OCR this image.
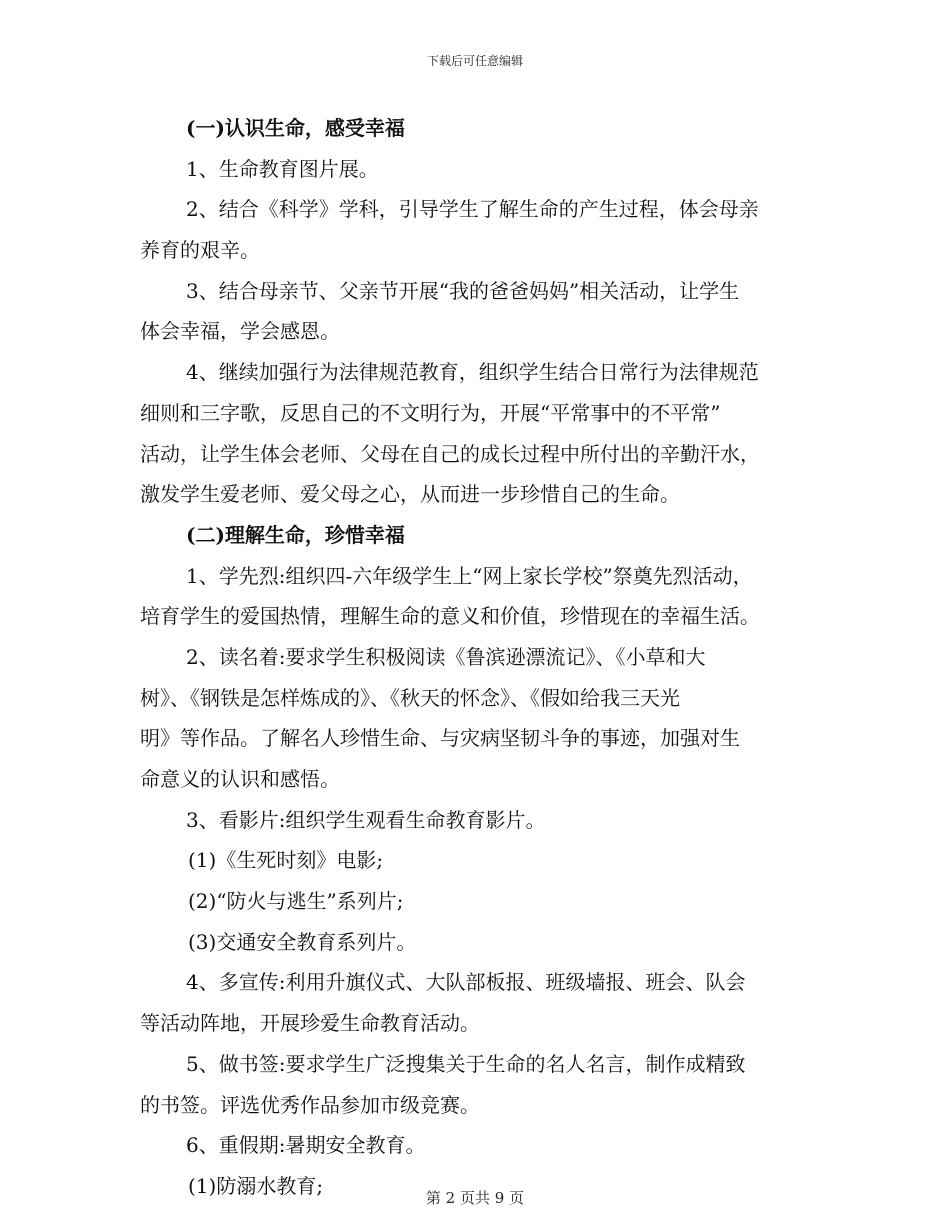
下载后可任意编辑
(一)认识生命，感受幸福
1、生命教育图片展。
2、结合《科学》学科，引导学生了解生命的产生过程，体会母亲
养育的艰辛。
3、结合母亲节、父亲节开展“我的爸爸妈妈”相关活动，让学生
体会幸福，学会感恩。
4、继续加强行为法律规范教育，组织学生结合日常行为法律规范
细则和三字歌，反思自己的不文明行为，开展“平常事中的不平常”
活动，让学生体会老师、父母在自己的成长过程中所付出的辛勤汗水，
激发学生爱老师、爱父母之心，从而进一步珍惜自己的生命。
(二)理解生命，珍惜幸福
1、学先烈:组织四-六年级学生上“网上家长学校”祭奠先烈活动，
培育学生的爱国热情，理解生命的意义和价值，珍惜现在的幸福生活。
2、读名着:要求学生积极阅读《鲁滨逊漂流记》、《小草和大
树》、《钢铁是怎样炼成的》、《秋天的怀念》、《假如给我三天光
明》等作品。了解名人珍惜生命、与灾病坚韧斗争的事迹，加强对生
命意义的认识和感悟。
3、看影片:组织学生观看生命教育影片。
(1)《生死时刻》电影;
(2)“防火与逃生”系列片;
(3)交通安全教育系列片。
4、多宣传:利用升旗仪式、大队部板报、班级墙报、班会、队会
等活动阵地，开展珍爱生命教育活动。
5、做书签:要求学生广泛搜集关于生命的名人名言，制作成精致
的书签。评选优秀作品参加市级竞赛。
6、重假期:暑期安全教育。
(1)防溺水教育;
第 2 页共 9 页
